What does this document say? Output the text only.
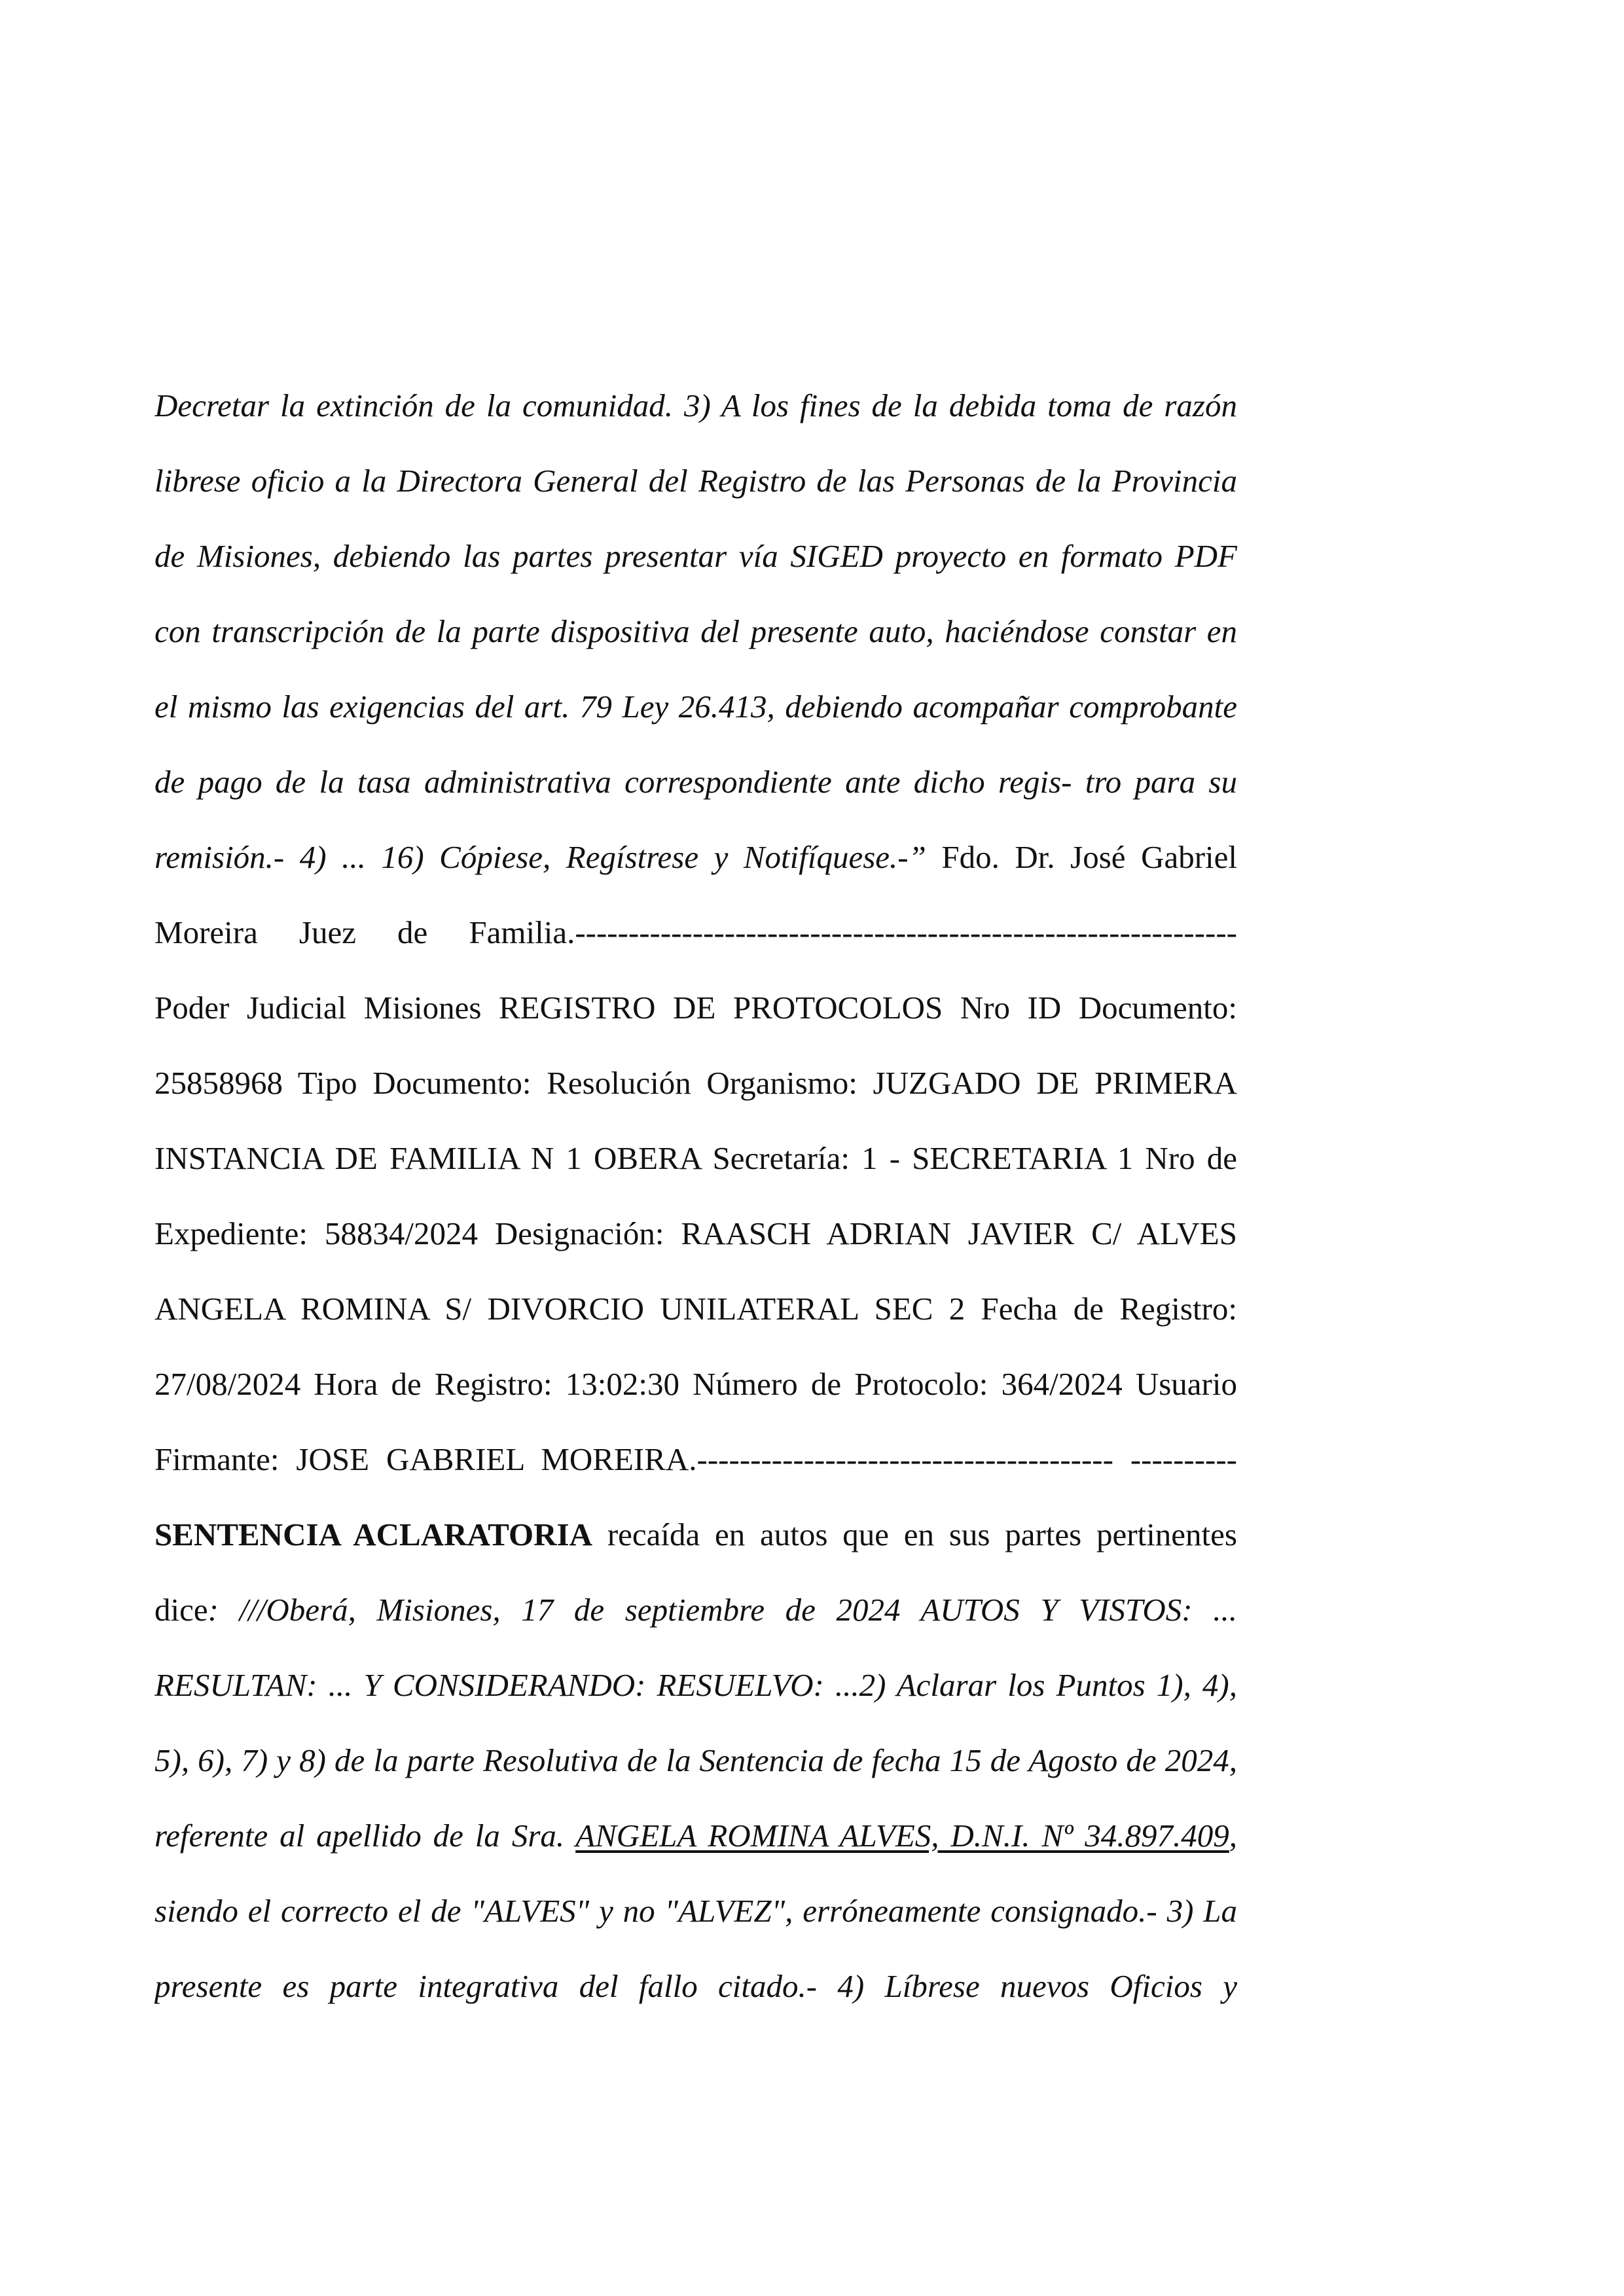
Decretar la extinción de la comunidad. 3) A los fines de la debida toma de razón
librese oficio a la Directora General del Registro de las Personas de la Provincia
de Misiones, debiendo las partes presentar vía SIGED proyecto en formato PDF
con transcripción de la parte dispositiva del presente auto, haciéndose constar en
el mismo las exigencias del art. 79 Ley 26.413, debiendo acompañar comprobante
de pago de la tasa administrativa correspondiente ante dicho regis- tro para su
remisión.- 4) ... 16) Cópiese, Regístrese y Notifíquese.-” Fdo. Dr. José Gabriel
Moreira Juez de Familia.--------------------------------------------------------------
Poder Judicial Misiones REGISTRO DE PROTOCOLOS Nro ID Documento:
25858968 Tipo Documento: Resolución Organismo: JUZGADO DE PRIMERA
INSTANCIA DE FAMILIA N 1 OBERA Secretaría: 1 - SECRETARIA 1 Nro de
Expediente: 58834/2024 Designación: RAASCH ADRIAN JAVIER C/ ALVES
ANGELA ROMINA S/ DIVORCIO UNILATERAL SEC 2 Fecha de Registro:
27/08/2024 Hora de Registro: 13:02:30 Número de Protocolo: 364/2024 Usuario
Firmante: JOSE GABRIEL MOREIRA.--------------------------------------- ----------
SENTENCIA ACLARATORIA recaída en autos que en sus partes pertinentes
dice: ///Oberá, Misiones, 17 de septiembre de 2024 AUTOS Y VISTOS: ...
RESULTAN: ... Y CONSIDERANDO: RESUELVO: ...2) Aclarar los Puntos 1), 4),
5), 6), 7) y 8) de la parte Resolutiva de la Sentencia de fecha 15 de Agosto de 2024,
referente al apellido de la Sra. ANGELA ROMINA ALVES, D.N.I. Nº 34.897.409,
siendo el correcto el de "ALVES" y no "ALVEZ", erróneamente consignado.- 3) La
presente es parte integrativa del fallo citado.- 4) Líbrese nuevos Oficios y
